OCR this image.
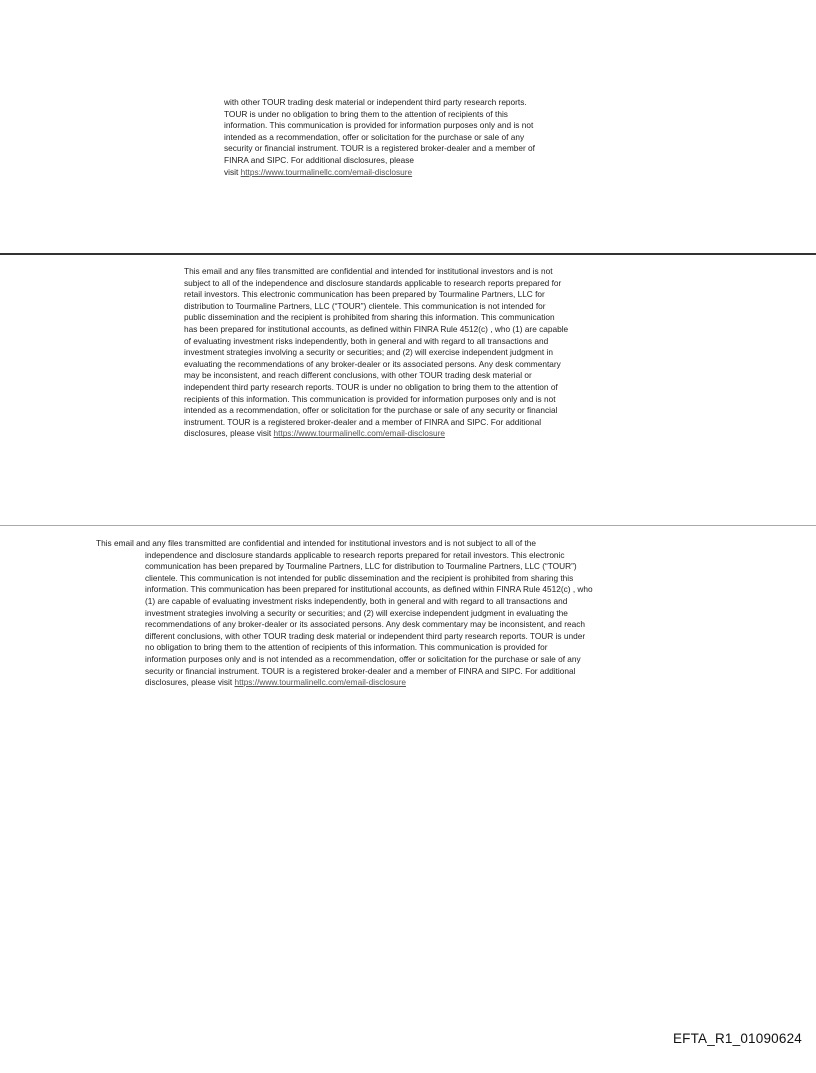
with other TOUR trading desk material or independent third party research reports.
TOUR is under no obligation to bring them to the attention of recipients of this
information. This communication is provided for information purposes only and is not
intended as a recommendation, offer or solicitation for the purchase or sale of any
security or financial instrument. TOUR is a registered broker-dealer and a member of
FINRA and SIPC. For additional disclosures, please
visit https://www.tourmalinellc.com/email-disclosure
This email and any files transmitted are confidential and intended for institutional investors and is not
subject to all of the independence and disclosure standards applicable to research reports prepared for
retail investors. This electronic communication has been prepared by Tourmaline Partners, LLC for
distribution to Tourmaline Partners, LLC (“TOUR”) clientele. This communication is not intended for
public dissemination and the recipient is prohibited from sharing this information. This communication
has been prepared for institutional accounts, as defined within FINRA Rule 4512(c) , who (1) are capable
of evaluating investment risks independently, both in general and with regard to all transactions and
investment strategies involving a security or securities; and (2) will exercise independent judgment in
evaluating the recommendations of any broker-dealer or its associated persons. Any desk commentary
may be inconsistent, and reach different conclusions, with other TOUR trading desk material or
independent third party research reports. TOUR is under no obligation to bring them to the attention of
recipients of this information. This communication is provided for information purposes only and is not
intended as a recommendation, offer or solicitation for the purchase or sale of any security or financial
instrument. TOUR is a registered broker-dealer and a member of FINRA and SIPC. For additional
disclosures, please visit https://www.tourmalinellc.com/email-disclosure
This email and any files transmitted are confidential and intended for institutional investors and is not subject to all of the
independence and disclosure standards applicable to research reports prepared for retail investors. This electronic
communication has been prepared by Tourmaline Partners, LLC for distribution to Tourmaline Partners, LLC (“TOUR”)
clientele. This communication is not intended for public dissemination and the recipient is prohibited from sharing this
information. This communication has been prepared for institutional accounts, as defined within FINRA Rule 4512(c) , who
(1) are capable of evaluating investment risks independently, both in general and with regard to all transactions and
investment strategies involving a security or securities; and (2) will exercise independent judgment in evaluating the
recommendations of any broker-dealer or its associated persons. Any desk commentary may be inconsistent, and reach
different conclusions, with other TOUR trading desk material or independent third party research reports. TOUR is under
no obligation to bring them to the attention of recipients of this information. This communication is provided for
information purposes only and is not intended as a recommendation, offer or solicitation for the purchase or sale of any
security or financial instrument. TOUR is a registered broker-dealer and a member of FINRA and SIPC. For additional
disclosures, please visit https://www.tourmalinellc.com/email-disclosure
EFTA_R1_01090624
